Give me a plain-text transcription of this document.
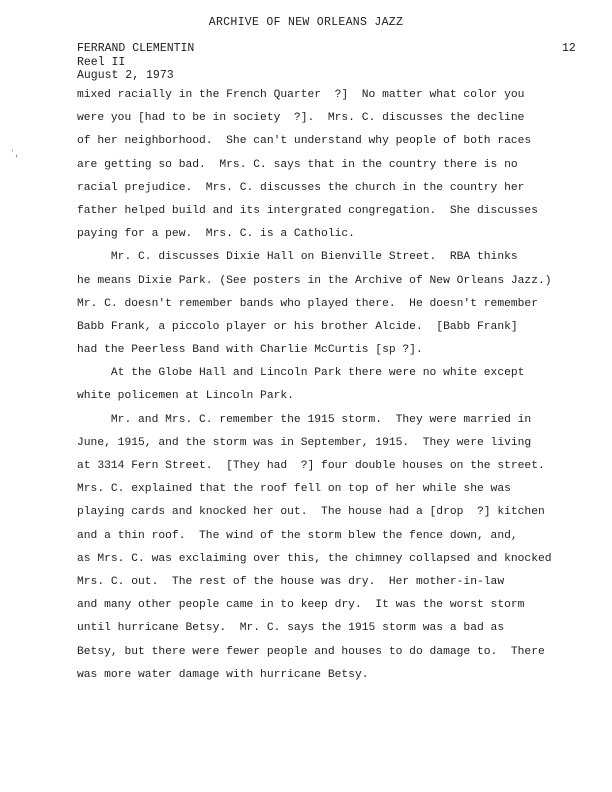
ARCHIVE OF NEW ORLEANS JAZZ
FERRAND CLEMENTIN
Reel II
August 2, 1973
12
ʼ,
mixed racially in the French Quarter  ?]  No matter what color you
were you [had to be in society  ?].  Mrs. C. discusses the decline
of her neighborhood.  She can't understand why people of both races
are getting so bad.  Mrs. C. says that in the country there is no
racial prejudice.  Mrs. C. discusses the church in the country her
father helped build and its intergrated congregation.  She discusses
paying for a pew.  Mrs. C. is a Catholic.
Mr. C. discusses Dixie Hall on Bienville Street.  RBA thinks
he means Dixie Park. (See posters in the Archive of New Orleans Jazz.)
Mr. C. doesn't remember bands who played there.  He doesn't remember
Babb Frank, a piccolo player or his brother Alcide.  [Babb Frank]
had the Peerless Band with Charlie McCurtis [sp ?].
At the Globe Hall and Lincoln Park there were no white except
white policemen at Lincoln Park.
Mr. and Mrs. C. remember the 1915 storm.  They were married in
June, 1915, and the storm was in September, 1915.  They were living
at 3314 Fern Street.  [They had  ?] four double houses on the street.
Mrs. C. explained that the roof fell on top of her while she was
playing cards and knocked her out.  The house had a [drop  ?] kitchen
and a thin roof.  The wind of the storm blew the fence down, and,
as Mrs. C. was exclaiming over this, the chimney collapsed and knocked
Mrs. C. out.  The rest of the house was dry.  Her mother-in-law
and many other people came in to keep dry.  It was the worst storm
until hurricane Betsy.  Mr. C. says the 1915 storm was a bad as
Betsy, but there were fewer people and houses to do damage to.  There
was more water damage with hurricane Betsy.
